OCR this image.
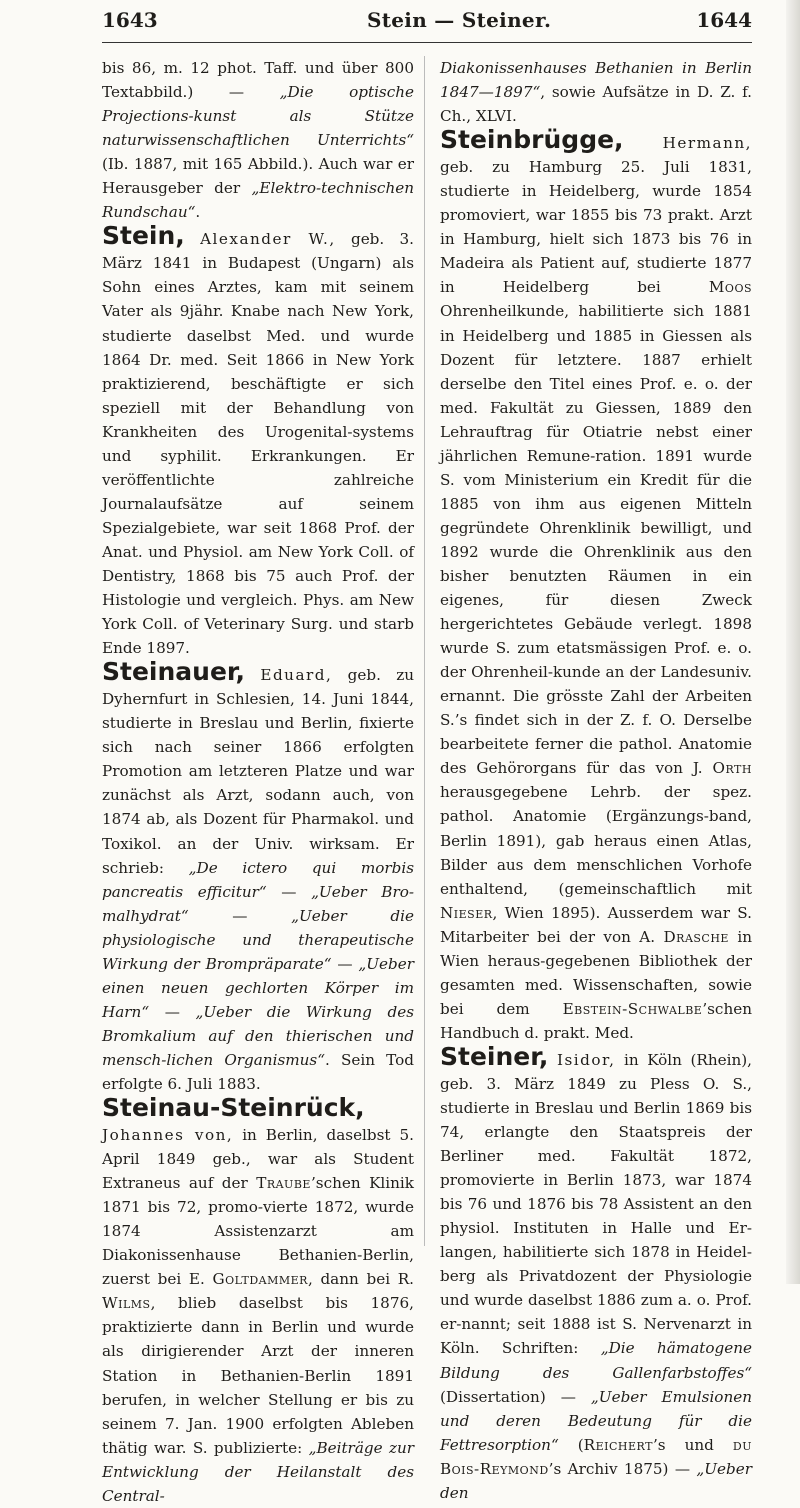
1643	Stein — Steiner.	1644

bis 86, m. 12 phot. Taff. und über 800 Textabbild.) — „Die optische Projections-kunst als Stütze naturwissenschaftlichen Unterrichts“ (Ib. 1887, mit 165 Abbild.). Auch war er Herausgeber der „Elektro-technischen Rundschau“.

Stein, Alexander W., geb. 3. März 1841 in Budapest (Ungarn) als Sohn eines Arztes, kam mit seinem Vater als 9jähr. Knabe nach New York, studierte daselbst Med. und wurde 1864 Dr. med. Seit 1866 in New York praktizierend, beschäftigte er sich speziell mit der Behandlung von Krankheiten des Urogenital-systems und syphilit. Erkrankungen. Er veröffentlichte zahlreiche Journalaufsätze auf seinem Spezialgebiete, war seit 1868 Prof. der Anat. und Physiol. am New York Coll. of Dentistry, 1868 bis 75 auch Prof. der Histologie und vergleich. Phys. am New York Coll. of Veterinary Surg. und starb Ende 1897.

Steinauer, Eduard, geb. zu Dyhernfurt in Schlesien, 14. Juni 1844, studierte in Breslau und Berlin, fixierte sich nach seiner 1866 erfolgten Promotion am letzteren Platze und war zunächst als Arzt, sodann auch, von 1874 ab, als Dozent für Pharmakol. und Toxikol. an der Univ. wirksam. Er schrieb: „De ictero qui morbis pancreatis efficitur“ — „Ueber Bro-malhydrat“ — „Ueber die physiologische und therapeutische Wirkung der Brompräparate“ — „Ueber einen neuen gechlorten Körper im Harn“ — „Ueber die Wirkung des Bromkalium auf den thierischen und mensch-lichen Organismus“. Sein Tod erfolgte 6. Juli 1883.

Steinau-Steinrück, Johannes von, in Berlin, daselbst 5. April 1849 geb., war als Student Extraneus auf der Traube’schen Klinik 1871 bis 72, promo-vierte 1872, wurde 1874 Assistenzarzt am Diakonissenhause Bethanien-Berlin, zuerst bei E. Goltdammer, dann bei R. Wilms, blieb daselbst bis 1876, praktizierte dann in Berlin und wurde als dirigierender Arzt der inneren Station in Bethanien-Berlin 1891 berufen, in welcher Stellung er bis zu seinem 7. Jan. 1900 erfolgten Ableben thätig war. S. publizierte: „Beiträge zur Entwicklung der Heilanstalt des Central-

Diakonissenhauses Bethanien in Berlin 1847—1897“, sowie Aufsätze in D. Z. f. Ch., XLVI.

Steinbrügge,	Hermann, geb. zu Hamburg 25. Juli 1831, studierte in Heidelberg, wurde 1854 promoviert, war 1855 bis 73 prakt. Arzt in Hamburg, hielt sich 1873 bis 76 in Madeira als Patient auf, studierte 1877 in Heidelberg bei Moos Ohrenheilkunde, habilitierte sich 1881 in Heidelberg und 1885 in Giessen als Dozent für letztere. 1887 erhielt derselbe den Titel eines Prof. e. o. der med. Fakultät zu Giessen, 1889 den Lehrauftrag für Otiatrie nebst einer jährlichen Remune-ration. 1891 wurde S. vom Ministerium ein Kredit für die 1885 von ihm aus eigenen Mitteln gegründete Ohrenklinik bewilligt, und 1892 wurde die Ohrenklinik aus den bisher benutzten Räumen in ein eigenes, für diesen Zweck hergerichtetes Gebäude verlegt. 1898 wurde S. zum etatsmässigen Prof. e. o. der Ohrenheil-kunde an der Landesuniv. ernannt. Die grösste Zahl der Arbeiten S.’s findet sich in der Z. f. O. Derselbe bearbeitete ferner die pathol. Anatomie des Gehörorgans für das von J. Orth herausgegebene Lehrb. der spez. pathol. Anatomie (Ergänzungs-band, Berlin 1891), gab heraus einen Atlas, Bilder aus dem menschlichen Vorhofe enthaltend, (gemeinschaftlich mit Nieser, Wien 1895). Ausserdem war S. Mitarbeiter bei der von A. Drasche in Wien heraus-gegebenen Bibliothek der gesamten med. Wissenschaften, sowie bei dem Ebstein-Schwalbe’schen Handbuch d. prakt. Med.

Steiner, Isidor, in Köln (Rhein), geb. 3. März 1849 zu Pless O. S., studierte in Breslau und Berlin 1869 bis 74, erlangte den Staatspreis der Berliner med. Fakultät 1872, promovierte in Berlin 1873, war 1874 bis 76 und 1876 bis 78 Assistent an den physiol. Instituten in Halle und Er-langen, habilitierte sich 1878 in Heidel-berg als Privatdozent der Physiologie und wurde daselbst 1886 zum a. o. Prof. er-nannt; seit 1888 ist S. Nervenarzt in Köln. Schriften: „Die hämatogene Bildung des Gallenfarbstoffes“ (Dissertation) — „Ueber Emulsionen und deren Bedeutung für die Fettresorption“ (Reichert’s und du Bois-Reymond’s Archiv 1875) — „Ueber den
